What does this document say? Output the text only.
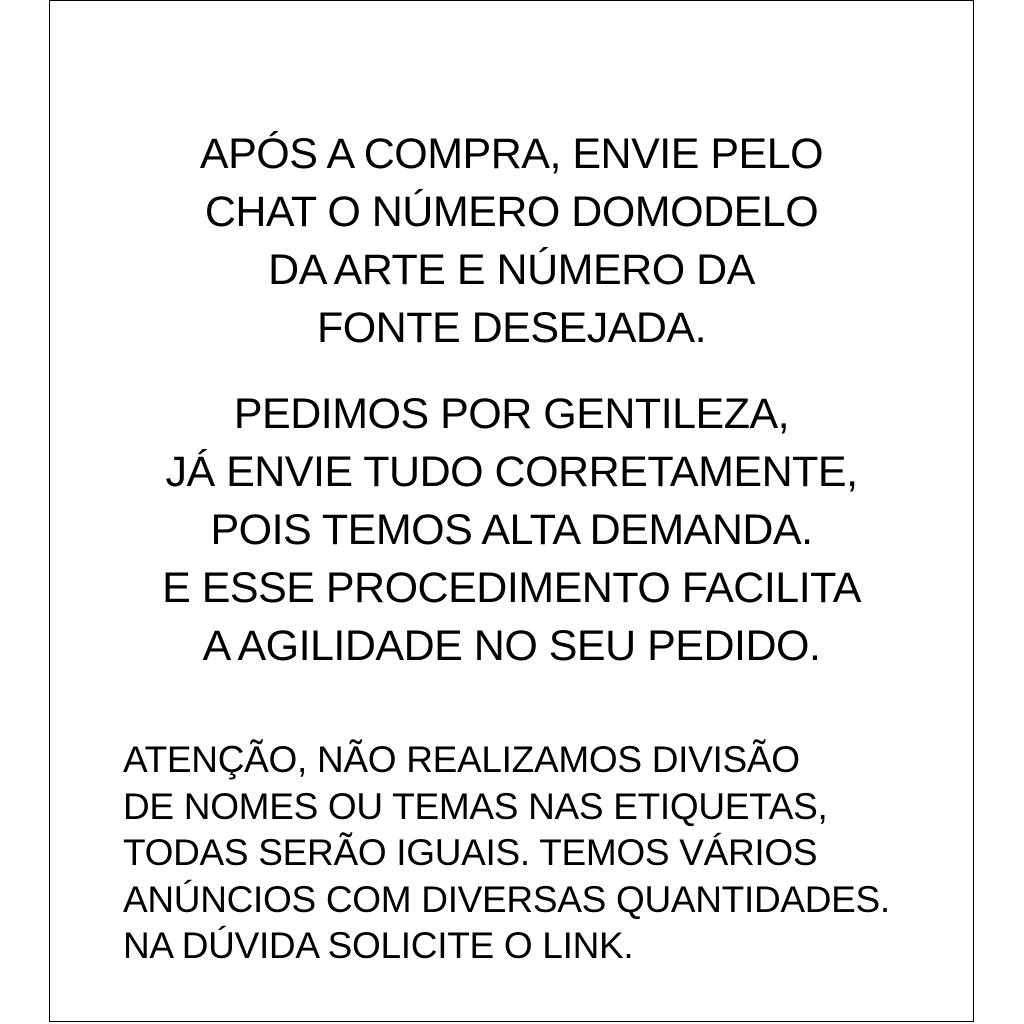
APÓS A COMPRA, ENVIE PELO
CHAT O NÚMERO DOMODELO
DA ARTE E NÚMERO DA
FONTE DESEJADA.
PEDIMOS POR GENTILEZA,
JÁ ENVIE TUDO CORRETAMENTE,
POIS TEMOS ALTA DEMANDA.
E ESSE PROCEDIMENTO FACILITA
A AGILIDADE NO SEU PEDIDO.
ATENÇÃO, NÃO REALIZAMOS DIVISÃO
DE NOMES OU TEMAS NAS ETIQUETAS,
TODAS SERÃO IGUAIS. TEMOS VÁRIOS
ANÚNCIOS COM DIVERSAS QUANTIDADES.
NA DÚVIDA SOLICITE O LINK.
